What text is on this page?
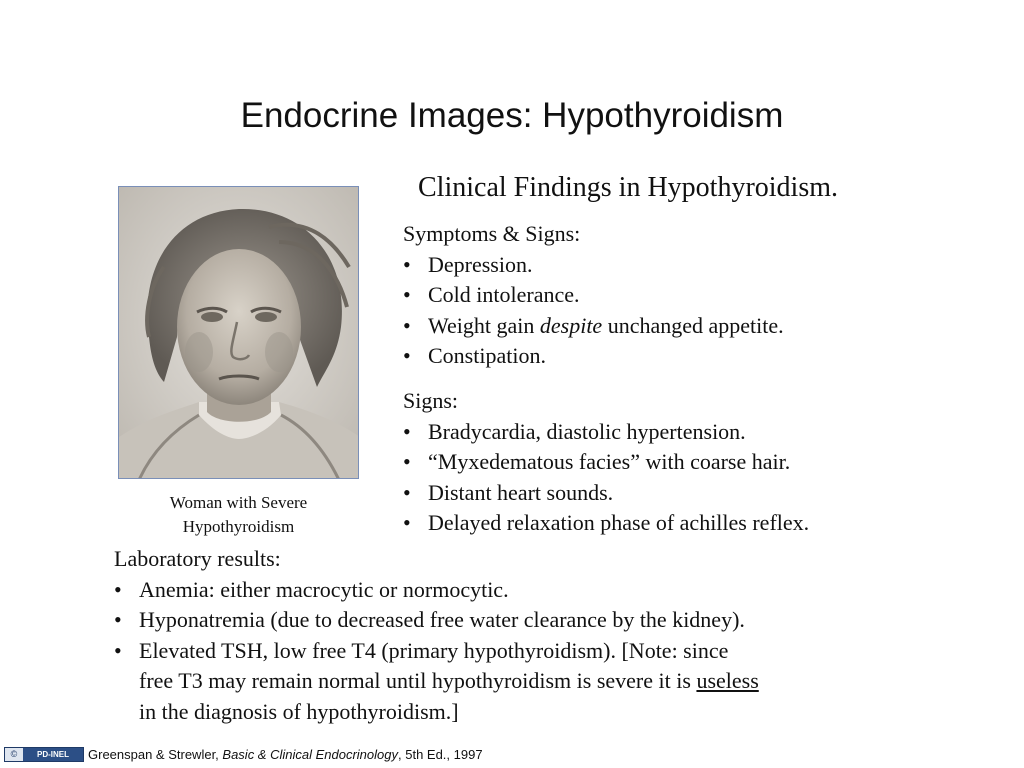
Endocrine Images: Hypothyroidism
Woman with Severe
Hypothyroidism
Clinical Findings in Hypothyroidism.
Symptoms & Signs:
• Depression.
• Cold intolerance.
• Weight gain despite unchanged appetite.
• Constipation.
Signs:
• Bradycardia, diastolic hypertension.
• “Myxedematous facies” with coarse hair.
• Distant heart sounds.
• Delayed relaxation phase of achilles reflex.
Laboratory results:
• Anemia: either macrocytic or normocytic.
• Hyponatremia (due to decreased free water clearance by the kidney).
• Elevated TSH, low free T4 (primary hypothyroidism). [Note: since
free T3 may remain normal until hypothyroidism is severe it is useless
in the diagnosis of hypothyroidism.]
©	PD-INEL	Greenspan & Strewler, Basic & Clinical Endocrinology, 5th Ed., 1997
